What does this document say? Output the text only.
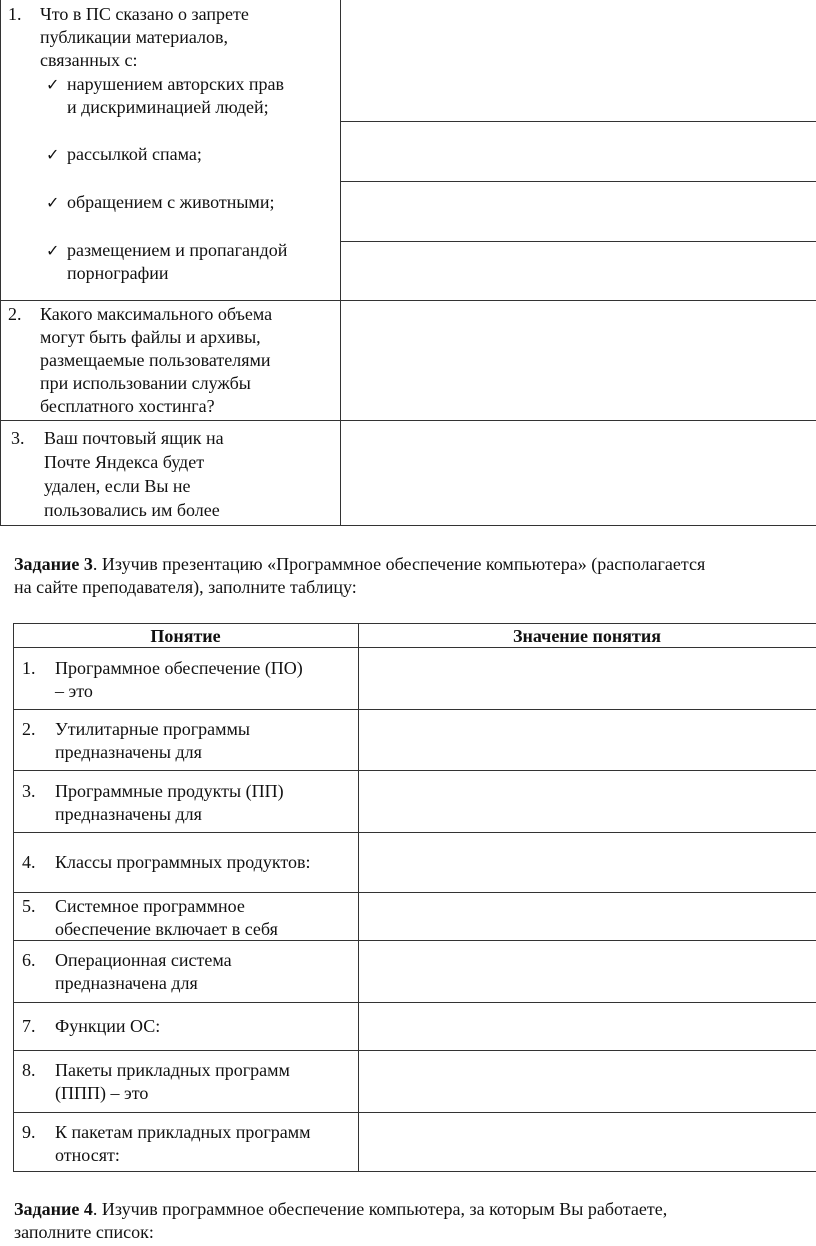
1. Что в ПС сказано о запрете
публикации материалов,
связанных с:
✓ нарушением авторских прав
и дискриминацией людей;
✓ рассылкой спама;
✓ обращением с животными;
✓ размещением и пропагандой
порнографии
2. Какого максимального объема
могут быть файлы и архивы,
размещаемые пользователями
при использовании службы
бесплатного хостинга?
3. Ваш почтовый ящик на
Почте Яндекса будет
удален, если Вы не
пользовались им более
Задание 3. Изучив презентацию «Программное обеспечение компьютера» (располагается
на сайте преподавателя), заполните таблицу:
Понятие	Значение понятия
1. Программное обеспечение (ПО)
– это
2. Утилитарные программы
предназначены для
3. Программные продукты (ПП)
предназначены для
4. Классы программных продуктов:
5. Системное программное
обеспечение включает в себя
6. Операционная система
предназначена для
7. Функции ОС:
8. Пакеты прикладных программ
(ППП) – это
9. К пакетам прикладных программ
относят:
Задание 4. Изучив программное обеспечение компьютера, за которым Вы работаете,
заполните список:
